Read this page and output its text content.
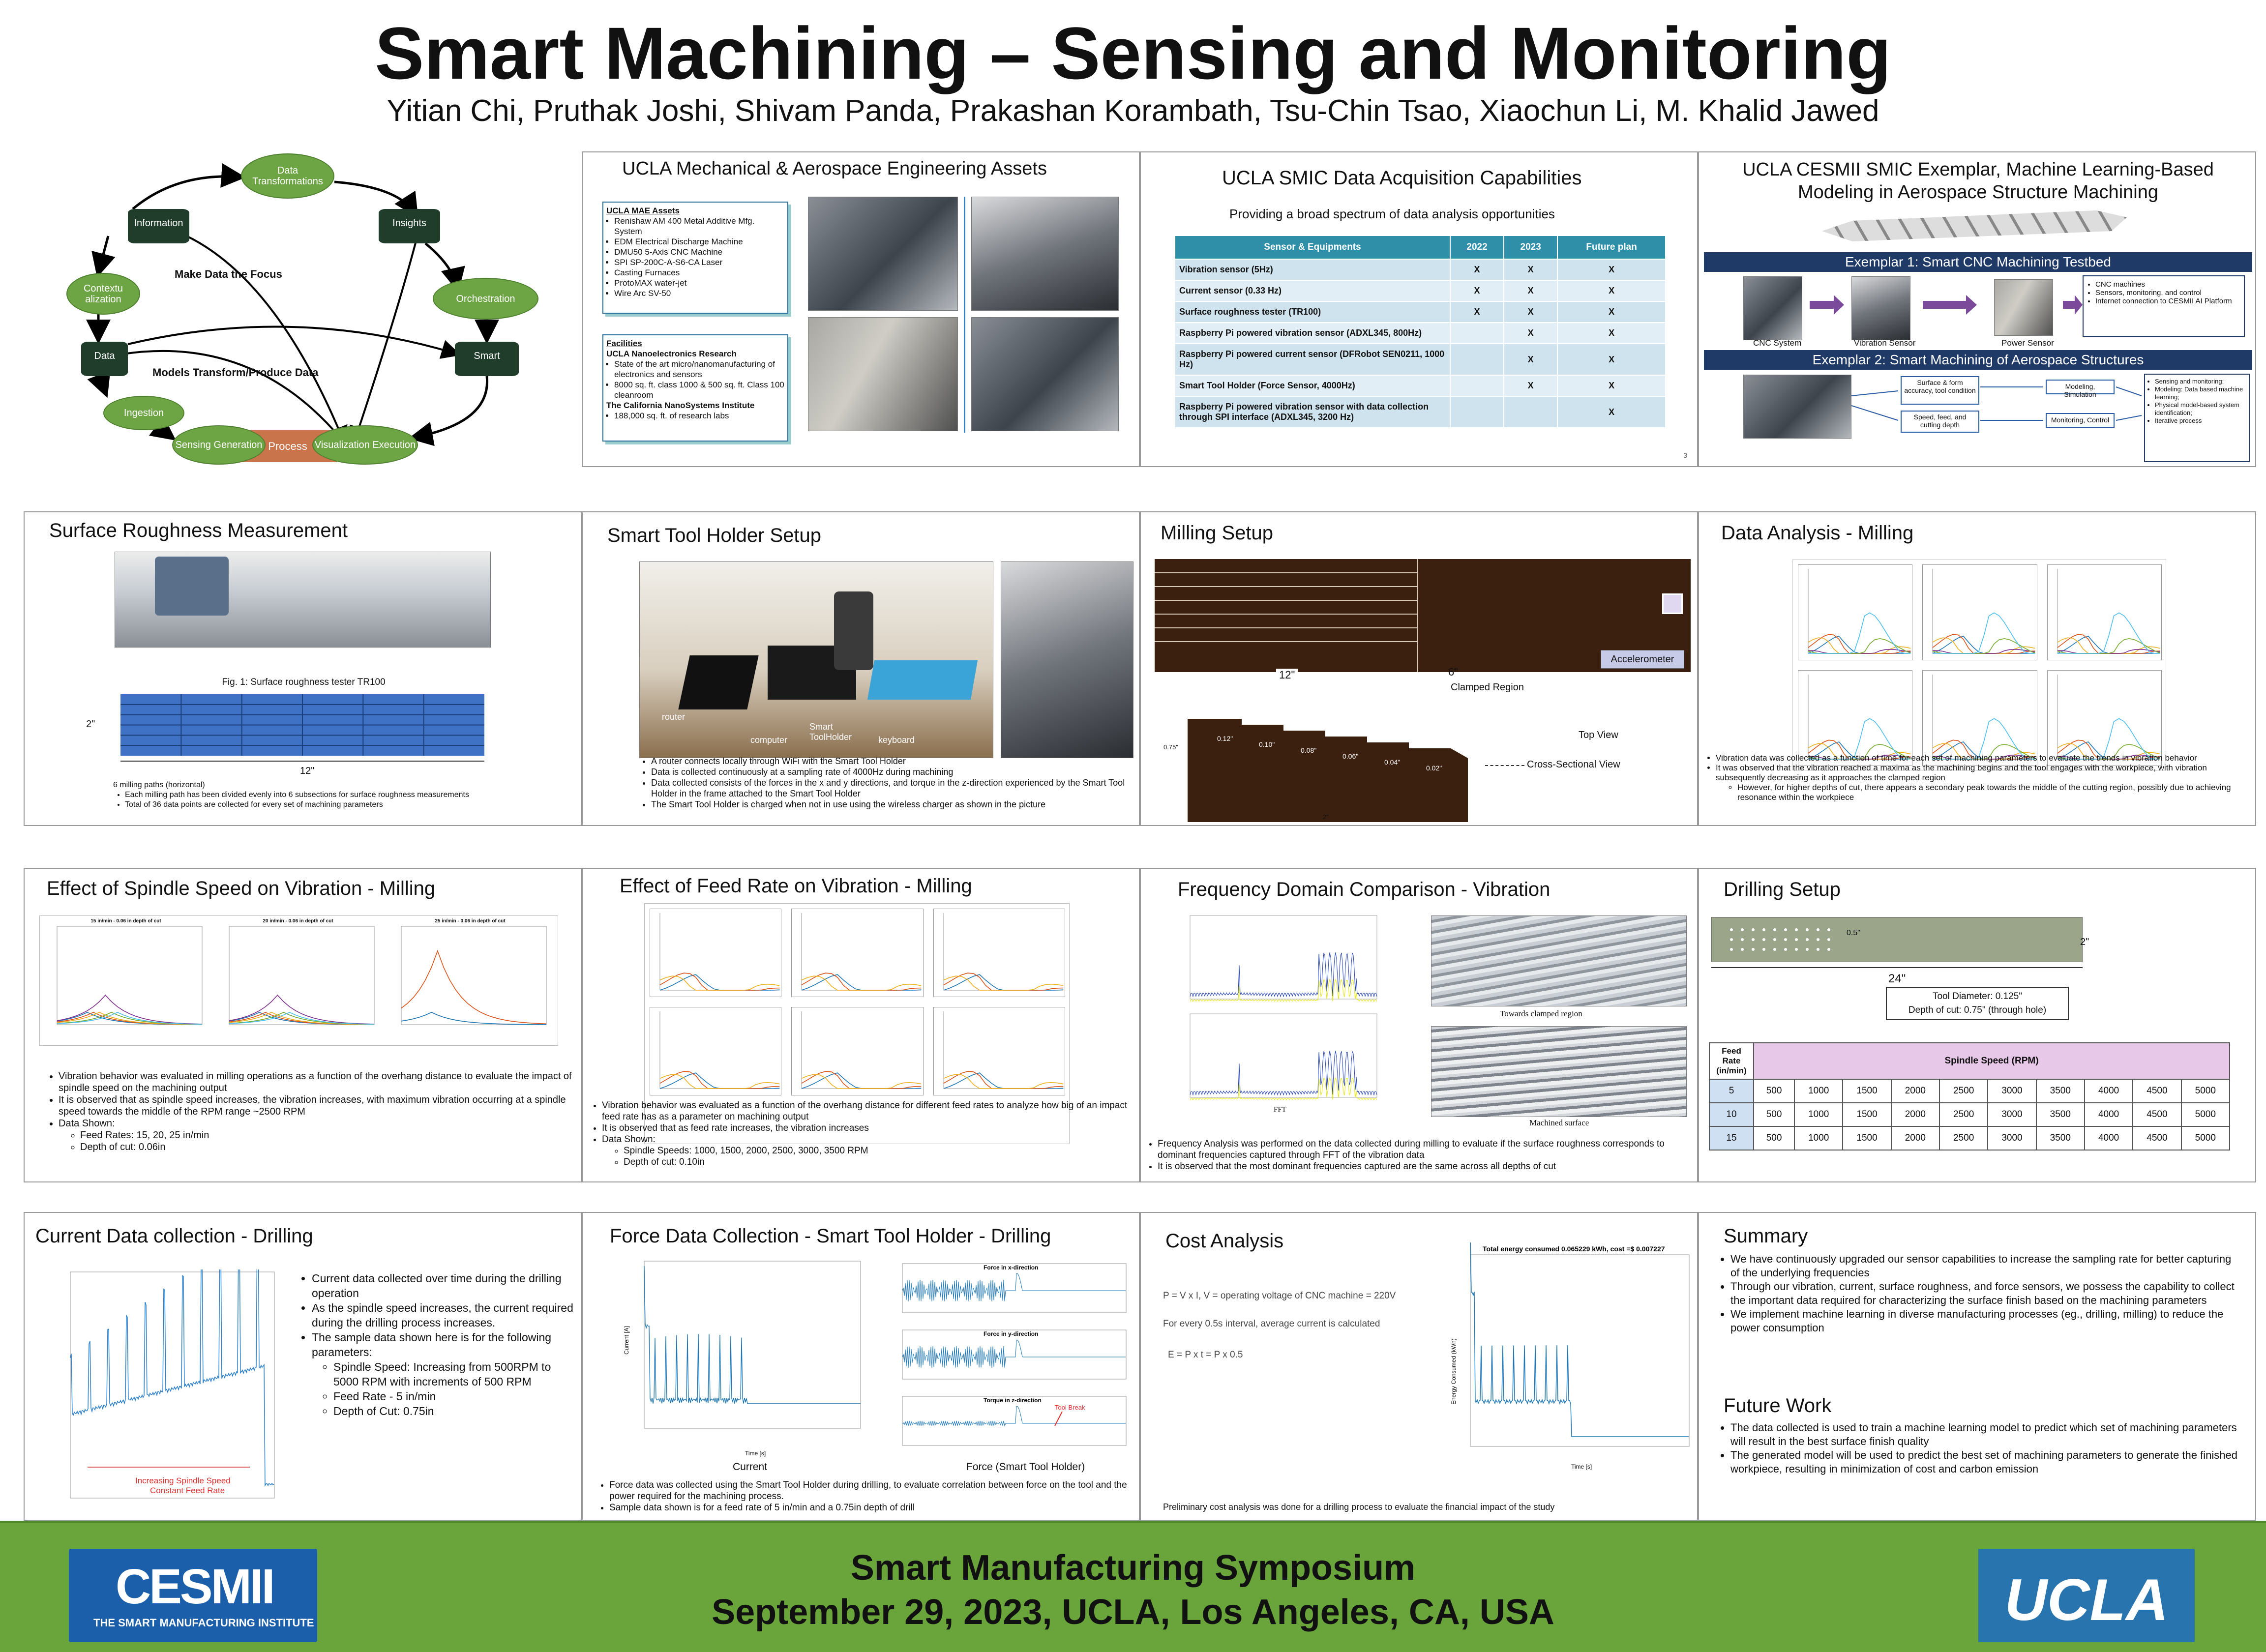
Smart Machining – Sensing and Monitoring
Yitian Chi, Pruthak Joshi, Shivam Panda, Prakashan Korambath, Tsu-Chin Tsao, Xiaochun Li, M. Khalid Jawed
Data Transformations
Information	Insights
Contextu alization	Orchestration
Data	Smart
Ingestion
Process
Sensing Generation	Visualization Execution
Make Data the Focus
Models Transform/Produce Data
UCLA Mechanical & Aerospace Engineering Assets
UCLA MAE Assets
• Renishaw AM 400 Metal Additive Mfg. System
• EDM Electrical Discharge Machine
• DMU50 5-Axis CNC Machine
• SPI SP-200C-A-S6-CA Laser
• Casting Furnaces
• ProtoMAX water-jet
• Wire Arc SV-50
Facilities
UCLA Nanoelectronics Research
• State of the art micro/nanomanufacturing of electronics and sensors
• 8000 sq. ft. class 1000 & 500 sq. ft. Class 100 cleanroom
The California NanoSystems Institute
• 188,000 sq. ft. of research labs
UCLA SMIC Data Acquisition Capabilities
Providing a broad spectrum of data analysis opportunities
Sensor & Equipments	2022	2023	Future plan
Vibration sensor (5Hz)	X	X	X
Current sensor (0.33 Hz)	X	X	X
Surface roughness tester (TR100)	X	X	X
Raspberry Pi powered vibration sensor (ADXL345, 800Hz)		X	X
Raspberry Pi powered current sensor (DFRobot SEN0211, 1000 Hz)		X	X
Smart Tool Holder (Force Sensor, 4000Hz)		X	X
Raspberry Pi powered vibration sensor with data collection through SPI interface (ADXL345, 3200 Hz)			X
3
UCLA CESMII SMIC Exemplar, Machine Learning-Based Modeling in Aerospace Structure Machining
Exemplar 1: Smart CNC Machining Testbed
CNC System	Vibration Sensor	Power Sensor
• CNC machines
• Sensors, monitoring, and control
• Internet connection to CESMII AI Platform
Exemplar 2: Smart Machining of Aerospace Structures
Surface & form accuracy, tool condition
Speed, feed, and cutting depth
Modeling, Simulation
Monitoring, Control
• Sensing and monitoring;
• Modeling: Data based machine learning;
• Physical model-based system identification;
• Iterative process
Surface Roughness Measurement
Fig. 1: Surface roughness tester TR100
2"
12"
6 milling paths (horizontal)
• Each milling path has been divided evenly into 6 subsections for surface roughness measurements
• Total of 36 data points are collected for every set of machining parameters
Smart Tool Holder Setup
router
computer
Smart ToolHolder	keyboard
• A router connects locally through WiFi with the Smart Tool Holder
• Data is collected continuously at a sampling rate of 4000Hz during machining
• Data collected consists of the forces in the x and y directions, and torque in the z-direction experienced by the Smart Tool Holder in the frame attached to the Smart Tool Holder
• The Smart Tool Holder is charged when not in use using the wireless charger as shown in the picture
Milling Setup
12"	6"
Clamped Region
Accelerometer
Top View
0.12"
0.10"
0.08"
0.06"
0.04"
0.02"
0.75"
2"
Cross-Sectional View
Data Analysis - Milling
• Vibration data was collected as a function of time for each set of machining parameters to evaluate the trends in vibration behavior
• It was observed that the vibration reached a maxima as the machining begins and the tool engages with the workpiece, with vibration subsequently decreasing as it approaches the clamped region
◦ However, for higher depths of cut, there appears a secondary peak towards the middle of the cutting region, possibly due to achieving resonance within the workpiece
Effect of Spindle Speed on Vibration - Milling
15 in/min - 0.06 in depth of cut	20 in/min - 0.06 in depth of cut	25 in/min - 0.06 in depth of cut
• Vibration behavior was evaluated in milling operations as a function of the overhang distance to evaluate the impact of spindle speed on the machining output
• It is observed that as spindle speed increases, the vibration increases, with maximum vibration occurring at a spindle speed towards the middle of the RPM range ~2500 RPM
• Data Shown:
◦ Feed Rates: 15, 20, 25 in/min
◦ Depth of cut: 0.06in
Effect of Feed Rate on Vibration - Milling
• Vibration behavior was evaluated as a function of the overhang distance for different feed rates to analyze how big of an impact feed rate has as a parameter on machining output
• It is observed that as feed rate increases, the vibration increases
• Data Shown:
◦ Spindle Speeds: 1000, 1500, 2000, 2500, 3000, 3500 RPM
◦ Depth of cut: 0.10in
Frequency Domain Comparison - Vibration
FFT
Towards clamped region
Machined surface
• Frequency Analysis was performed on the data collected during milling to evaluate if the surface roughness corresponds to dominant frequencies captured through FFT of the vibration data
• It is observed that the most dominant frequencies captured are the same across all depths of cut
Drilling Setup
0.5"
2"
24"
Tool Diameter: 0.125"
Depth of cut: 0.75" (through hole)
Feed Rate (in/min)	Spindle Speed (RPM)									
5	500	1000	1500	2000	2500	3000	3500	4000	4500	5000
10	500	1000	1500	2000	2500	3000	3500	4000	4500	5000
15	500	1000	1500	2000	2500	3000	3500	4000	4500	5000
Current Data collection - Drilling
Increasing Spindle Speed
Constant Feed Rate
• Current data collected over time during the drilling operation
• As the spindle speed increases, the current required during the drilling process increases.
• The sample data shown here is for the following parameters:
◦ Spindle Speed: Increasing from 500RPM to 5000 RPM with increments of 500 RPM
◦ Feed Rate - 5 in/min
◦ Depth of Cut: 0.75in
Force Data Collection - Smart Tool Holder - Drilling
Current [A]
Time [s]
Current
Force in x-direction
Force in y-direction
Torque in z-direction
Tool Break
Force (Smart Tool Holder)
• Force data was collected using the Smart Tool Holder during drilling, to evaluate correlation between force on the tool and the power required for the machining process.
• Sample data shown is for a feed rate of 5 in/min and a 0.75in depth of drill
Cost Analysis
P = V x I, V = operating voltage of CNC machine = 220V
For every 0.5s interval, average current is calculated
E = P x t = P x 0.5
Total energy consumed 0.065229 kWh, cost =$ 0.007227
Energy Consumed (kWh)
Time [s]
Preliminary cost analysis was done for a drilling process to evaluate the financial impact of the study
Summary
• We have continuously upgraded our sensor capabilities to increase the sampling rate for better capturing of the underlying frequencies
• Through our vibration, current, surface roughness, and force sensors, we possess the capability to collect the important data required for characterizing the surface finish based on the machining parameters
• We implement machine learning in diverse manufacturing processes (eg., drilling, milling) to reduce the power consumption
Future Work
• The data collected is used to train a machine learning model to predict which set of machining parameters will result in the best surface finish quality
• The generated model will be used to predict the best set of machining parameters to generate the finished workpiece, resulting in minimization of cost and carbon emission
CESMII
THE SMART MANUFACTURING INSTITUTE
Smart Manufacturing Symposium
September 29, 2023, UCLA, Los Angeles, CA, USA	UCLA
